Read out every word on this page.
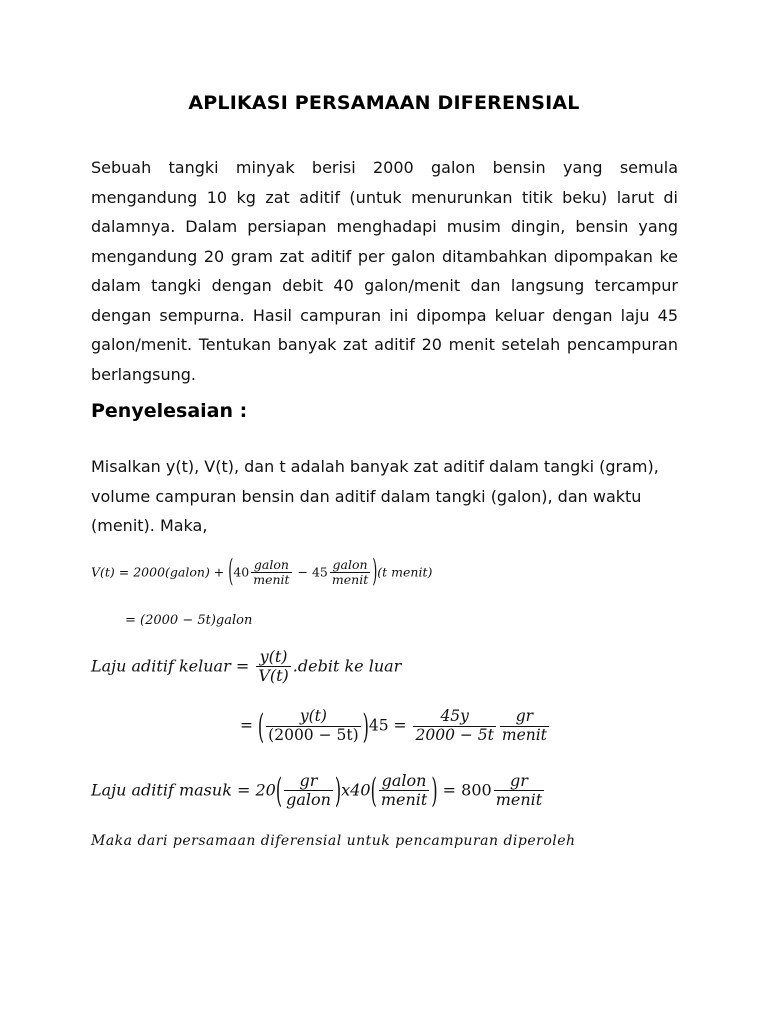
APLIKASI PERSAMAAN DIFERENSIAL
Sebuah tangki minyak berisi 2000 galon bensin yang semula mengandung 10 kg zat aditif (untuk menurunkan titik beku) larut di dalamnya. Dalam persiapan menghadapi musim dingin, bensin yang mengandung 20 gram zat aditif per galon ditambahkan dipompakan ke dalam tangki dengan debit 40 galon/menit dan langsung tercampur dengan sempurna. Hasil campuran ini dipompa keluar dengan laju 45 galon/menit. Tentukan banyak zat aditif 20 menit setelah pencampuran berlangsung.
Penyelesaian :
Misalkan y(t), V(t), dan t adalah banyak zat aditif dalam tangki (gram), volume campuran bensin dan aditif dalam tangki (galon), dan waktu (menit). Maka,
V(t) = 2000(galon) + $(40 \frac{\text{galon}}{\text{menit}} - 45 \frac{\text{galon}}{\text{menit}} )(t$ menit)
= (2000 − 5t)galon
Laju aditif keluar = $\frac{y(t)}{V(t)}$ .debit ke luar
= ( $\frac{y(t)}{(2000 - 5t)} )45 = \frac{45y}{2000 - 5t} \frac{gr}{\text{menit}}$
Laju aditif masuk = $20( \frac{gr}{\text{galon}} )x40( \frac{\text{galon}}{\text{menit}}$ ) = $800 \frac{gr}{\text{menit}}$
Maka dari persamaan diferensial untuk pencampuran diperoleh
